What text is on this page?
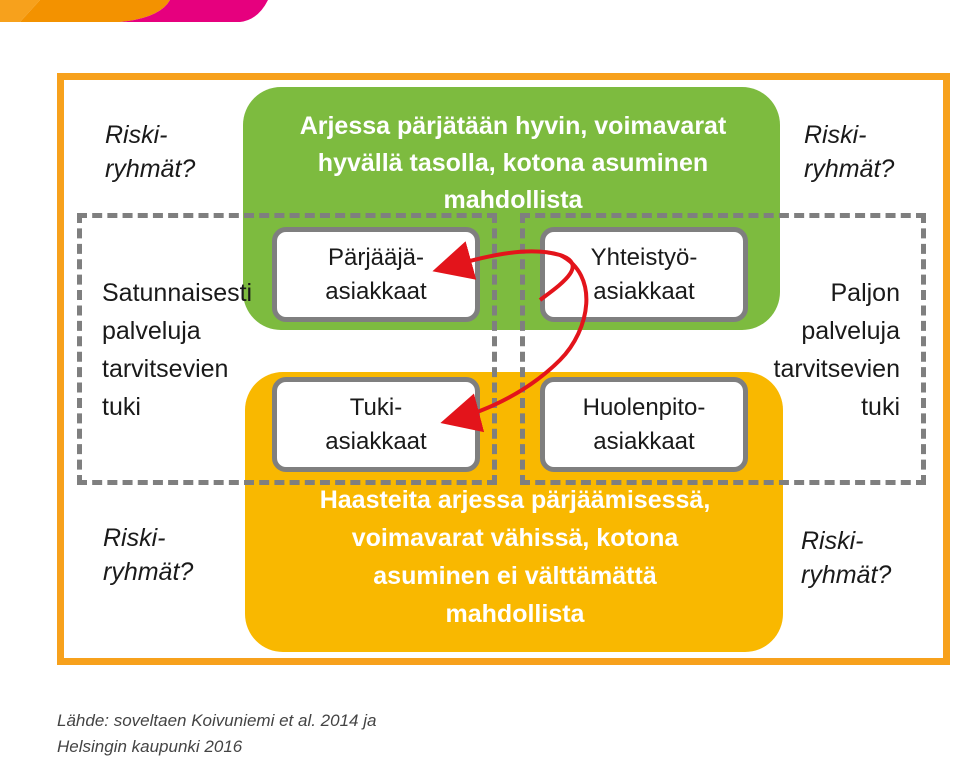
Arjessa pärjätään hyvin, voimavarat
hyvällä tasolla, kotona asuminen
mahdollista
Haasteita arjessa pärjäämisessä,
voimavarat vähissä, kotona
asuminen ei välttämättä
mahdollista
Pärjääjä-
asiakkaat
Yhteistyö-
asiakkaat
Tuki-
asiakkaat
Huolenpito-
asiakkaat
Riski-
ryhmät?
Riski-
ryhmät?
Riski-
ryhmät?
Riski-
ryhmät?
Satunnaisesti
palveluja
tarvitsevien
tuki
Paljon
palveluja
tarvitsevien
tuki
Lähde: soveltaen Koivuniemi et al. 2014 ja
Helsingin kaupunki 2016
